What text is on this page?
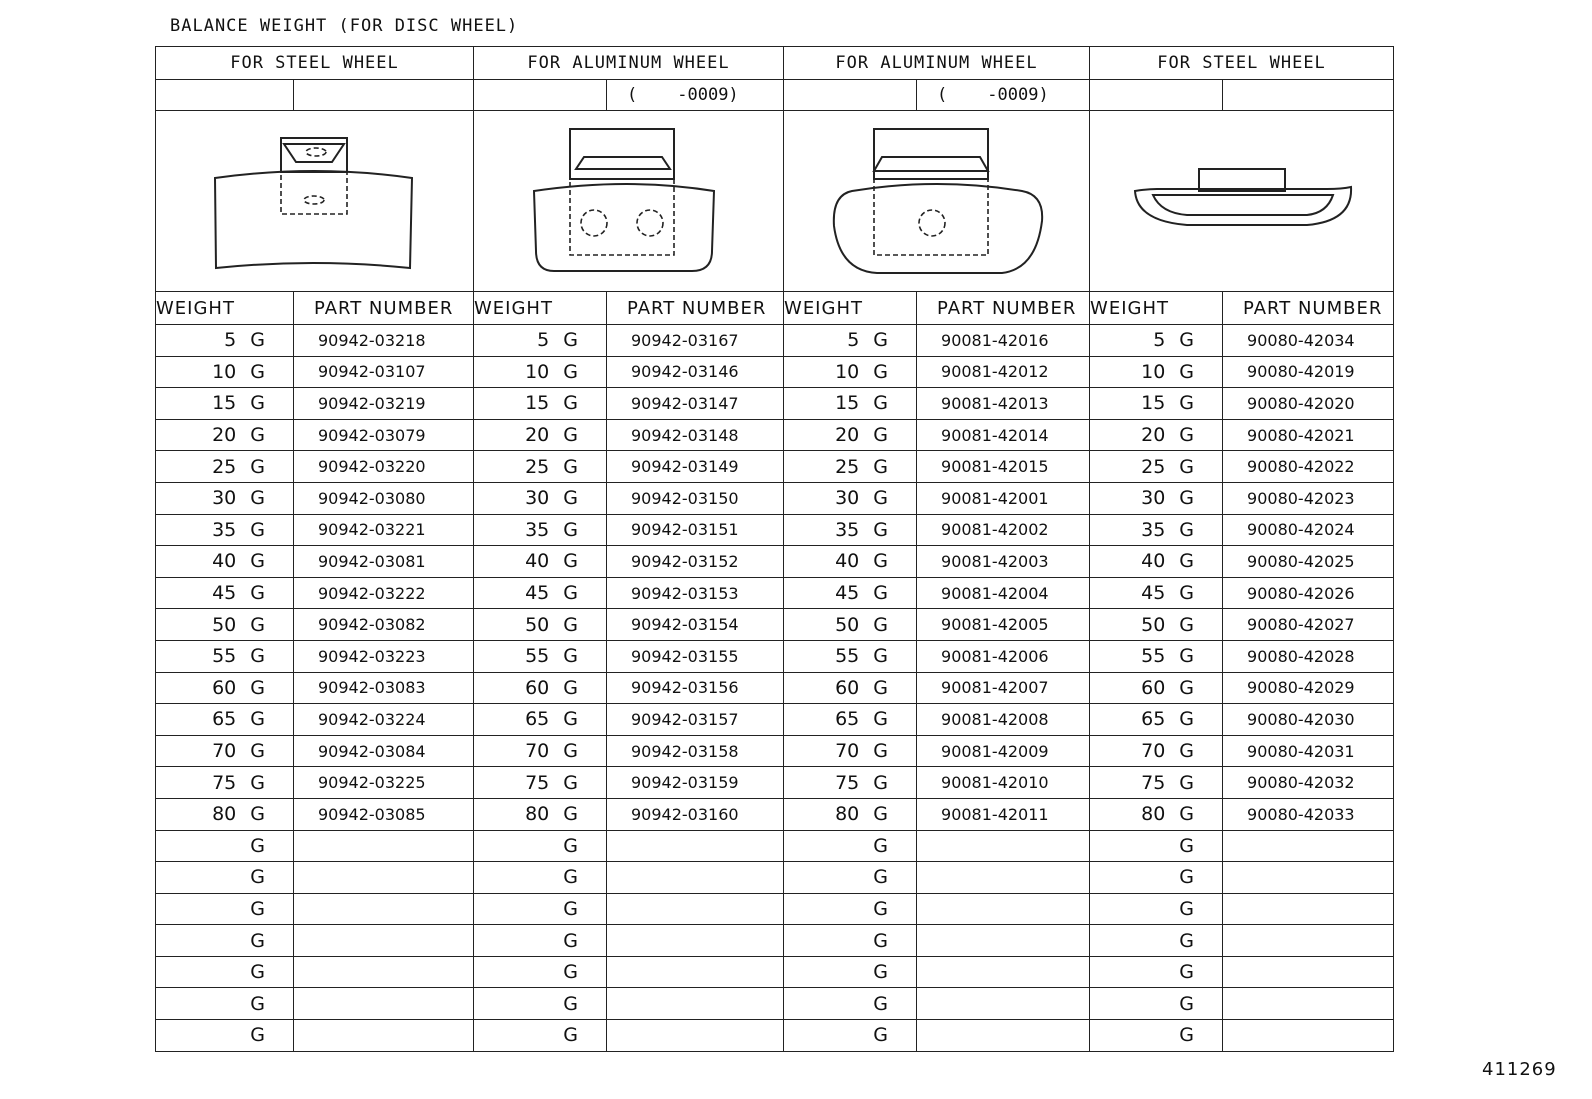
BALANCE WEIGHT (FOR DISC WHEEL)
FOR STEEL WHEEL		FOR ALUMINUM WHEEL		FOR ALUMINUM WHEEL		FOR STEEL WHEEL	
			( -0009)		( -0009)		

WEIGHT	PART NUMBER	WEIGHT	PART NUMBER	WEIGHT	PART NUMBER	WEIGHT	PART NUMBER
5 G	90942-03218	5 G	90942-03167	5 G	90081-42016	5 G	90080-42034
10 G	90942-03107	10 G	90942-03146	10 G	90081-42012	10 G	90080-42019
15 G	90942-03219	15 G	90942-03147	15 G	90081-42013	15 G	90080-42020
20 G	90942-03079	20 G	90942-03148	20 G	90081-42014	20 G	90080-42021
25 G	90942-03220	25 G	90942-03149	25 G	90081-42015	25 G	90080-42022
30 G	90942-03080	30 G	90942-03150	30 G	90081-42001	30 G	90080-42023
35 G	90942-03221	35 G	90942-03151	35 G	90081-42002	35 G	90080-42024
40 G	90942-03081	40 G	90942-03152	40 G	90081-42003	40 G	90080-42025
45 G	90942-03222	45 G	90942-03153	45 G	90081-42004	45 G	90080-42026
50 G	90942-03082	50 G	90942-03154	50 G	90081-42005	50 G	90080-42027
55 G	90942-03223	55 G	90942-03155	55 G	90081-42006	55 G	90080-42028
60 G	90942-03083	60 G	90942-03156	60 G	90081-42007	60 G	90080-42029
65 G	90942-03224	65 G	90942-03157	65 G	90081-42008	65 G	90080-42030
70 G	90942-03084	70 G	90942-03158	70 G	90081-42009	70 G	90080-42031
75 G	90942-03225	75 G	90942-03159	75 G	90081-42010	75 G	90080-42032
80 G	90942-03085	80 G	90942-03160	80 G	90081-42011	80 G	90080-42033
G		G		G		G	
G		G		G		G	
G		G		G		G	
G		G		G		G	
G		G		G		G	
G		G		G		G	
G		G		G		G	
411269
